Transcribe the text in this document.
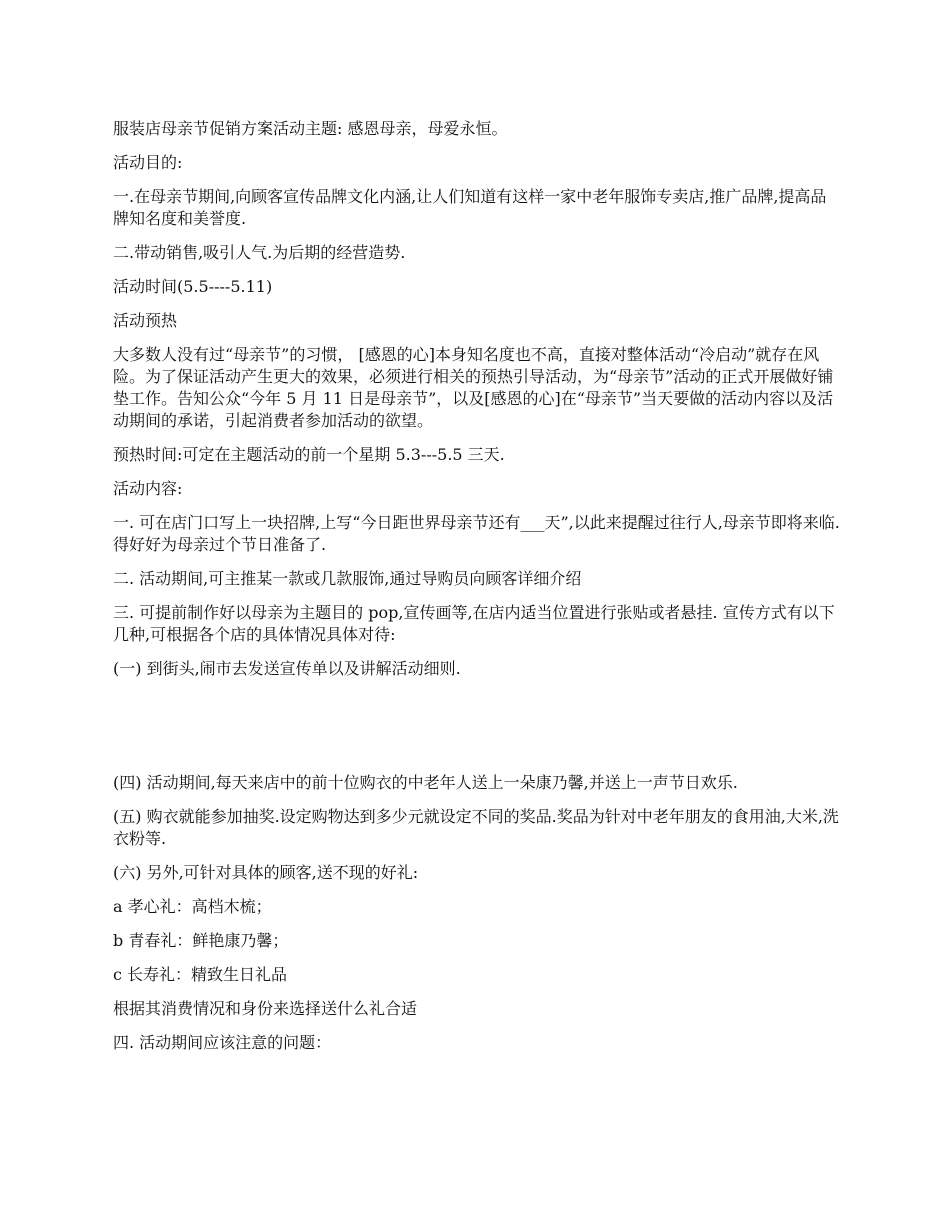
服装店母亲节促销方案活动主题: 感恩母亲，母爱永恒。

活动目的:

一.在母亲节期间,向顾客宣传品牌文化内涵,让人们知道有这样一家中老年服饰专卖店,推广品牌,提高品牌知名度和美誉度.

二.带动销售,吸引人气.为后期的经营造势.

活动时间(5.5----5.11)

活动预热

大多数人没有过“母亲节”的习惯， [感恩的心]本身知名度也不高，直接对整体活动“冷启动”就存在风险。为了保证活动产生更大的效果，必须进行相关的预热引导活动，为“母亲节”活动的正式开展做好铺垫工作。告知公众“今年 5 月 11 日是母亲节”，以及[感恩的心]在“母亲节”当天要做的活动内容以及活动期间的承诺，引起消费者参加活动的欲望。

预热时间:可定在主题活动的前一个星期 5.3---5.5 三天.

活动内容:

一. 可在店门口写上一块招牌,上写“今日距世界母亲节还有___天”,以此来提醒过往行人,母亲节即将来临.得好好为母亲过个节日准备了.

二. 活动期间,可主推某一款或几款服饰,通过导购员向顾客详细介绍

三. 可提前制作好以母亲为主题目的 pop,宣传画等,在店内适当位置进行张贴或者悬挂. 宣传方式有以下几种,可根据各个店的具体情况具体对待:

(一) 到街头,闹市去发送宣传单以及讲解活动细则.

(四) 活动期间,每天来店中的前十位购衣的中老年人送上一朵康乃馨,并送上一声节日欢乐.

(五) 购衣就能参加抽奖.设定购物达到多少元就设定不同的奖品.奖品为针对中老年朋友的食用油,大米,洗衣粉等.

(六) 另外,可针对具体的顾客,送不现的好礼:

a 孝心礼：高档木梳；

b 青春礼：鲜艳康乃馨；

c 长寿礼：精致生日礼品

根据其消费情况和身份来选择送什么礼合适

四. 活动期间应该注意的问题：
